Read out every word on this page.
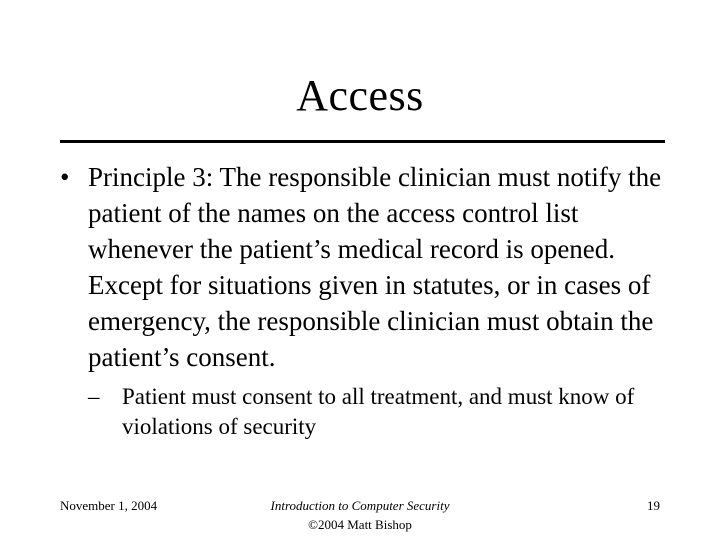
Access
• Principle 3: The responsible clinician must notify the patient of the names on the access control list whenever the patient’s medical record is opened. Except for situations given in statutes, or in cases of emergency, the responsible clinician must obtain the patient’s consent.
– Patient must consent to all treatment, and must know of violations of security
November 1, 2004	Introduction to Computer Security
©2004 Matt Bishop
19
